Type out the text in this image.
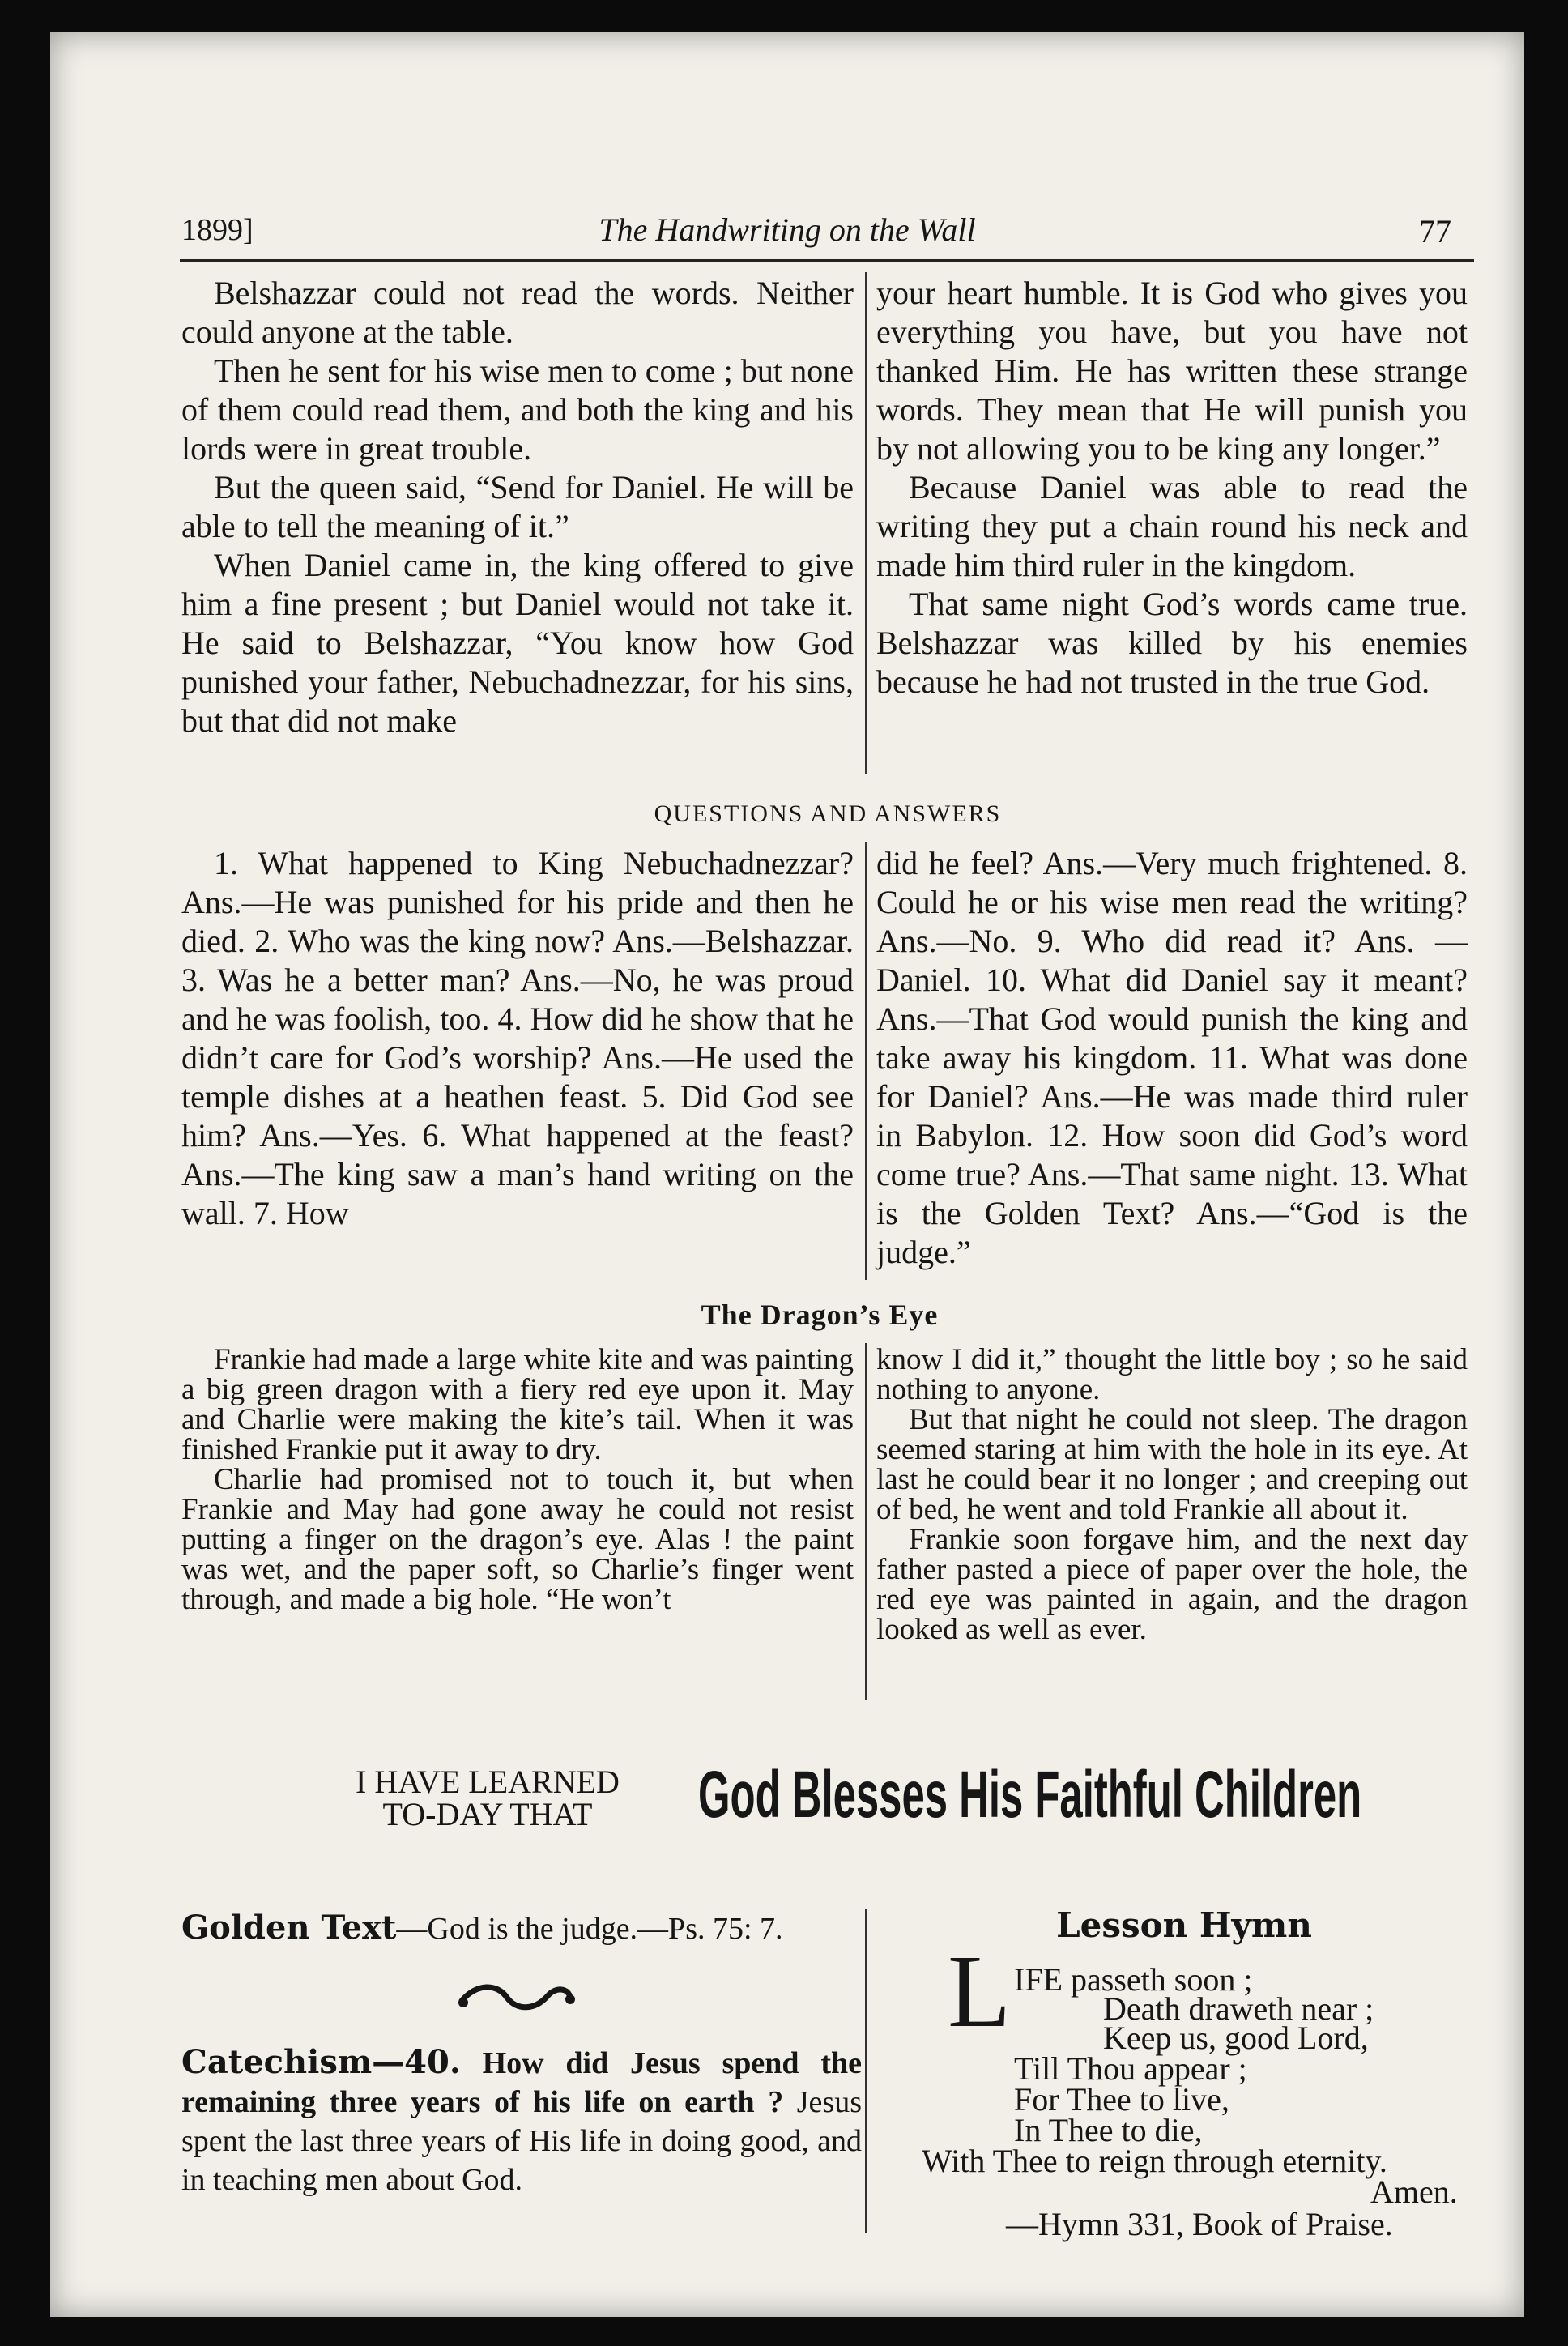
1899]	The Handwriting on the Wall	77

Belshazzar could not read the words. Neither could anyone at the table.

Then he sent for his wise men to come ; but none of them could read them, and both the king and his lords were in great trouble.

But the queen said, “Send for Daniel. He will be able to tell the meaning of it.”

When Daniel came in, the king offered to give him a fine present ; but Daniel would not take it. He said to Belshazzar, “You know how God punished your father, Nebuchadnezzar, for his sins, but that did not make

your heart humble. It is God who gives you everything you have, but you have not thanked Him. He has written these strange words. They mean that He will punish you by not allowing you to be king any longer.”

Because Daniel was able to read the writing they put a chain round his neck and made him third ruler in the kingdom.

That same night God’s words came true. Belshazzar was killed by his enemies because he had not trusted in the true God.

QUESTIONS AND ANSWERS

1. What happened to King Nebuchadnezzar? Ans.—He was punished for his pride and then he died. 2. Who was the king now? Ans.—Belshazzar. 3. Was he a better man? Ans.—No, he was proud and he was foolish, too. 4. How did he show that he didn’t care for God’s worship? Ans.—He used the temple dishes at a heathen feast. 5. Did God see him? Ans.—Yes. 6. What happened at the feast? Ans.—The king saw a man’s hand writing on the wall. 7. How

did he feel? Ans.—Very much frightened. 8. Could he or his wise men read the writing? Ans.—No. 9. Who did read it? Ans. —Daniel. 10. What did Daniel say it meant? Ans.—That God would punish the king and take away his kingdom. 11. What was done for Daniel? Ans.—He was made third ruler in Babylon. 12. How soon did God’s word come true? Ans.—That same night. 13. What is the Golden Text? Ans.—“God is the judge.”

The Dragon’s Eye

Frankie had made a large white kite and was painting a big green dragon with a fiery red eye upon it. May and Charlie were making the kite’s tail. When it was finished Frankie put it away to dry.

Charlie had promised not to touch it, but when Frankie and May had gone away he could not resist putting a finger on the dragon’s eye. Alas ! the paint was wet, and the paper soft, so Charlie’s finger went through, and made a big hole. “He won’t

know I did it,” thought the little boy ; so he said nothing to anyone.

But that night he could not sleep. The dragon seemed staring at him with the hole in its eye. At last he could bear it no longer ; and creeping out of bed, he went and told Frankie all about it.

Frankie soon forgave him, and the next day father pasted a piece of paper over the hole, the red eye was painted in again, and the dragon looked as well as ever.

I HAVE LEARNED
TO-DAY THAT	God Blesses His Faithful Children
Golden Text—God is the judge.—Ps. 75: 7.
Catechism—40. How did Jesus spend the remaining three years of his life on earth ? Jesus spent the last three years of His life in doing good, and in teaching men about God.
Lesson Hymn
L IFE passeth soon ;
Death draweth near ;
Keep us, good Lord,
Till Thou appear ;
For Thee to live,
In Thee to die,
With Thee to reign through eternity.
Amen.
—Hymn 331, Book of Praise.
